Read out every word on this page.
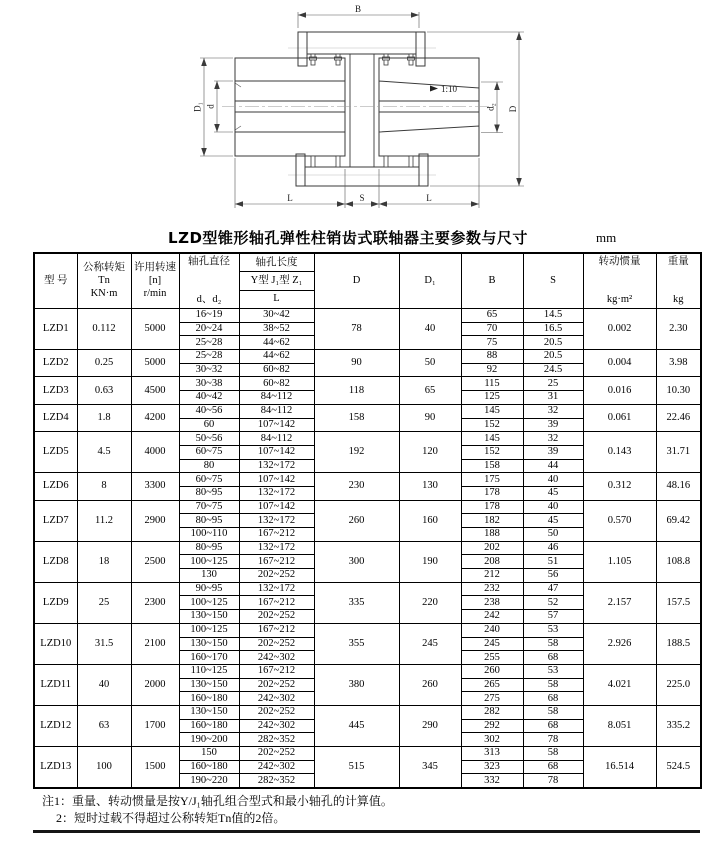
1:10
B
D
d₂
D₁ d
L	S	L
LZD型锥形轴孔弹性柱销齿式联轴器主要参数与尺寸	mm
型 号	
公称转矩
Tn
KN·m

许用转速
[n]
r/min

轴孔直径
d、d₂
	轴孔长度	D	D₁	B	S	
转动惯量
kg·m²

重量
kg

				Y型 J₁型 Z₁						
				L						
LZD1	0.112	5000	16~19	30~42	78	40	65	14.5	0.002	2.30
			20~24	38~52			70	16.5		
			25~28	44~62			75	20.5		
LZD2	0.25	5000	25~28	44~62	90	50	88	20.5	0.004	3.98
			30~32	60~82			92	24.5		
LZD3	0.63	4500	30~38	60~82	118	65	115	25	0.016	10.30
			40~42	84~112			125	31		
LZD4	1.8	4200	40~56	84~112	158	90	145	32	0.061	22.46
			60	107~142			152	39		
LZD5	4.5	4000	50~56	84~112	192	120	145	32	0.143	31.71
			60~75	107~142			152	39		
			80	132~172			158	44		
LZD6	8	3300	60~75	107~142	230	130	175	40	0.312	48.16
			80~95	132~172			178	45		
LZD7	11.2	2900	70~75	107~142	260	160	178	40	0.570	69.42
			80~95	132~172			182	45		
			100~110	167~212			188	50		
LZD8	18	2500	80~95	132~172	300	190	202	46	1.105	108.8
			100~125	167~212			208	51		
			130	202~252			212	56		
LZD9	25	2300	90~95	132~172	335	220	232	47	2.157	157.5
			100~125	167~212			238	52		
			130~150	202~252			242	57		
LZD10	31.5	2100	100~125	167~212	355	245	240	53	2.926	188.5
			130~150	202~252			245	58		
			160~170	242~302			255	68		
LZD11	40	2000	110~125	167~212	380	260	260	53	4.021	225.0
			130~150	202~252			265	58		
			160~180	242~302			275	68		
LZD12	63	1700	130~150	202~252	445	290	282	58	8.051	335.2
			160~180	242~302			292	68		
			190~200	282~352			302	78		
LZD13	100	1500	150	202~252	515	345	313	58	16.514	524.5
			160~180	242~302			323	68		
			190~220	282~352			332	78		
注1：重量、转动惯量是按Y/J₁轴孔组合型式和最小轴孔的计算值。
2：短时过载不得超过公称转矩Tn值的2倍。
